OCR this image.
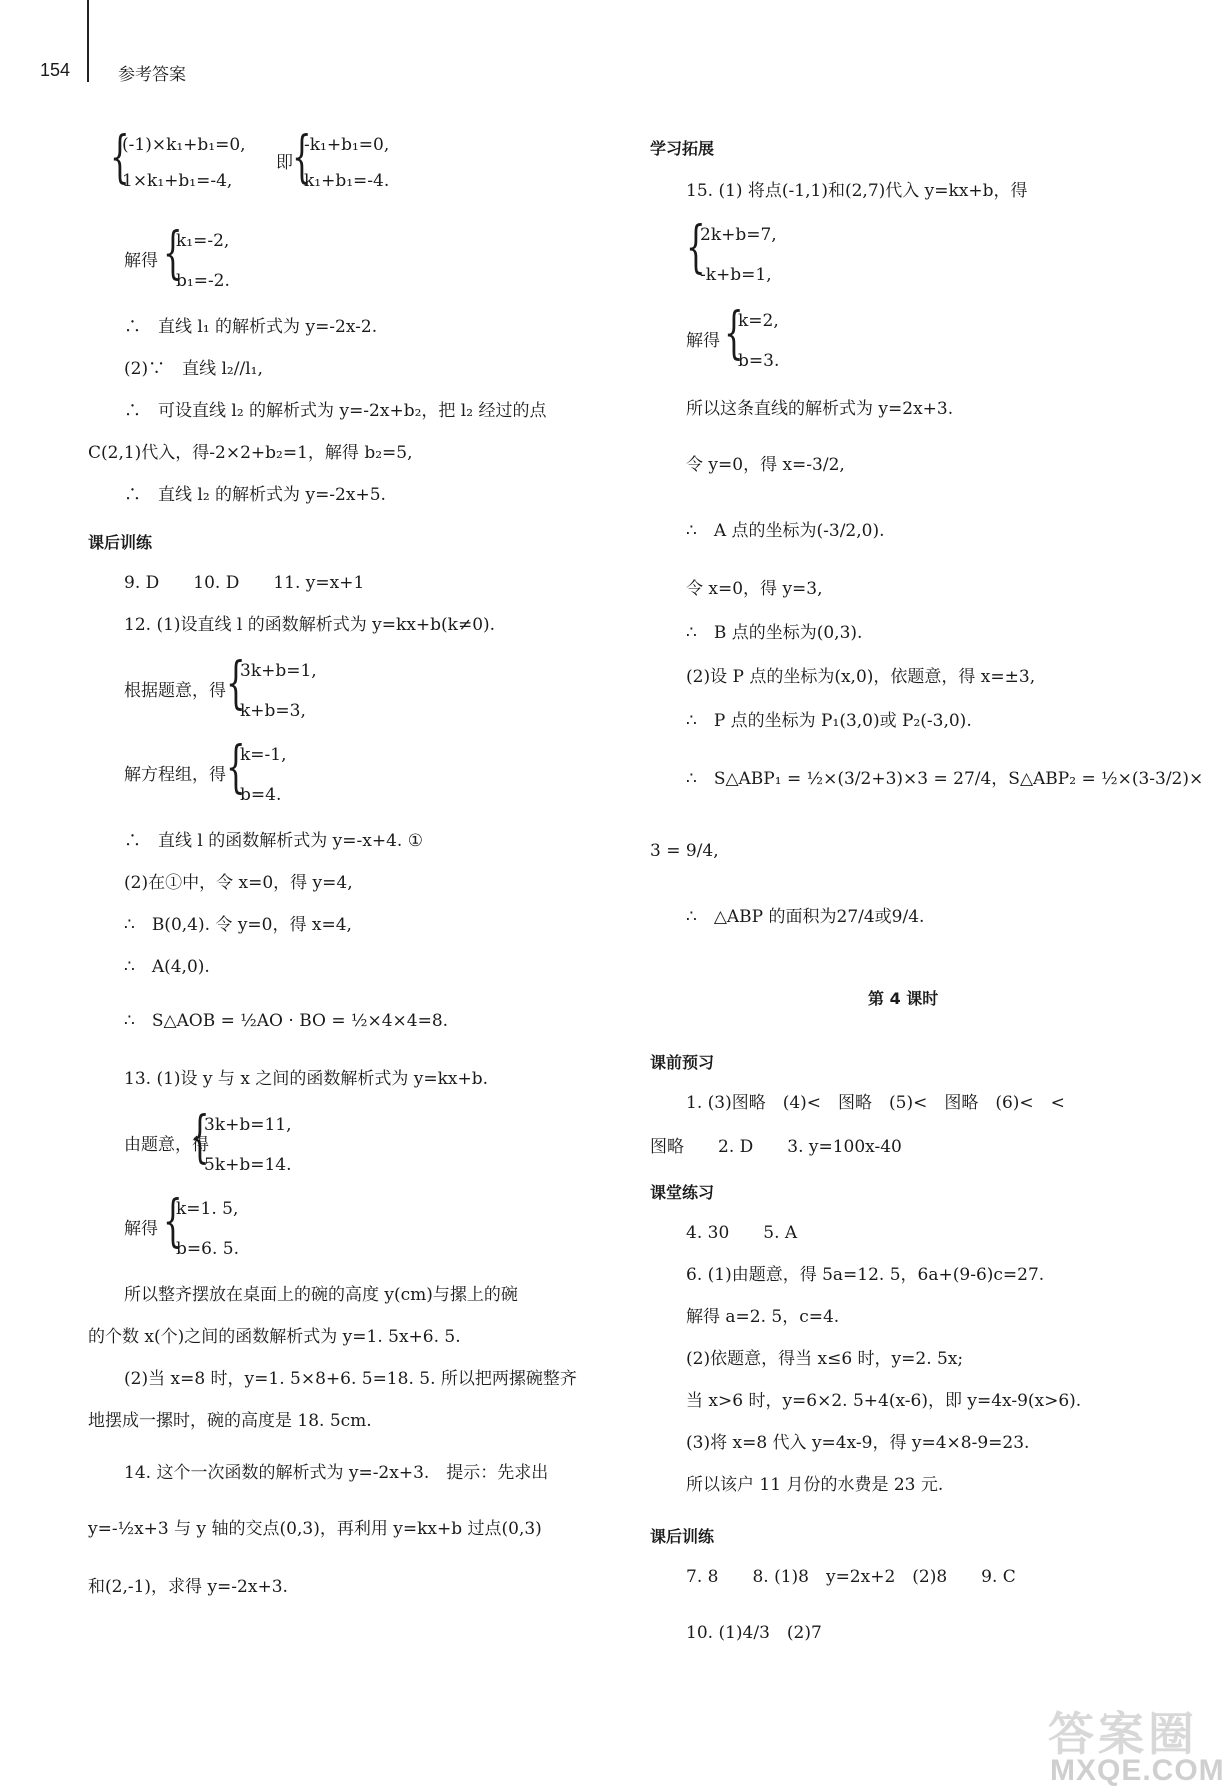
154	参考答案
{
(-1)×k₁+b₁=0,
1×k₁+b₁=-4,
即 {
-k₁+b₁=0,
k₁+b₁=-4.
解得 {
k₁=-2,
b₁=-2.
∴　直线 l₁ 的解析式为 y=-2x-2.
(2)∵　直线 l₂//l₁,
∴　可设直线 l₂ 的解析式为 y=-2x+b₂，把 l₂ 经过的点
C(2,1)代入，得-2×2+b₂=1，解得 b₂=5,
∴　直线 l₂ 的解析式为 y=-2x+5.
课后训练
9. D　　10. D　　11. y=x+1
12. (1)设直线 l 的函数解析式为 y=kx+b(k≠0).
根据题意，得 {
3k+b=1,
k+b=3,
解方程组，得 {
k=-1,
b=4.
∴　直线 l 的函数解析式为 y=-x+4. ①
(2)在①中，令 x=0，得 y=4,
∴　B(0,4). 令 y=0，得 x=4,
∴　A(4,0).
∴　S△AOB = ½AO · BO = ½×4×4=8.
13. (1)设 y 与 x 之间的函数解析式为 y=kx+b.
由题意，得
{
3k+b=11,
5k+b=14.
解得 {
k=1. 5,
b=6. 5.
所以整齐摆放在桌面上的碗的高度 y(cm)与摞上的碗
的个数 x(个)之间的函数解析式为 y=1. 5x+6. 5.
(2)当 x=8 时，y=1. 5×8+6. 5=18. 5. 所以把两摞碗整齐
地摆成一摞时，碗的高度是 18. 5cm.
14. 这个一次函数的解析式为 y=-2x+3.　提示：先求出
y=-½x+3 与 y 轴的交点(0,3)，再利用 y=kx+b 过点(0,3)
和(2,-1)，求得 y=-2x+3.
学习拓展
15. (1) 将点(-1,1)和(2,7)代入 y=kx+b，得
{
2k+b=7,
-k+b=1,
解得 {
k=2,
b=3.
所以这条直线的解析式为 y=2x+3.
令 y=0，得 x=-3/2,
∴　A 点的坐标为(-3/2,0).
令 x=0，得 y=3,
∴　B 点的坐标为(0,3).
(2)设 P 点的坐标为(x,0)，依题意，得 x=±3,
∴　P 点的坐标为 P₁(3,0)或 P₂(-3,0).
∴　S△ABP₁ = ½×(3/2+3)×3 = 27/4，S△ABP₂ = ½×(3-3/2)×
3 = 9/4,
∴　△ABP 的面积为27/4或9/4.
第 4 课时
课前预习
1. (3)图略　(4)<　图略　(5)<　图略　(6)<　<
图略　　2. D　　3. y=100x-40
课堂练习
4. 30　　5. A
6. (1)由题意，得 5a=12. 5，6a+(9-6)c=27.
解得 a=2. 5，c=4.
(2)依题意，得当 x≤6 时，y=2. 5x;
当 x>6 时，y=6×2. 5+4(x-6)，即 y=4x-9(x>6).
(3)将 x=8 代入 y=4x-9，得 y=4×8-9=23.
所以该户 11 月份的水费是 23 元.
课后训练
7. 8　　8. (1)8　y=2x+2　(2)8　　9. C
10. (1)4/3　(2)7
答案圈
MXQE.COM
